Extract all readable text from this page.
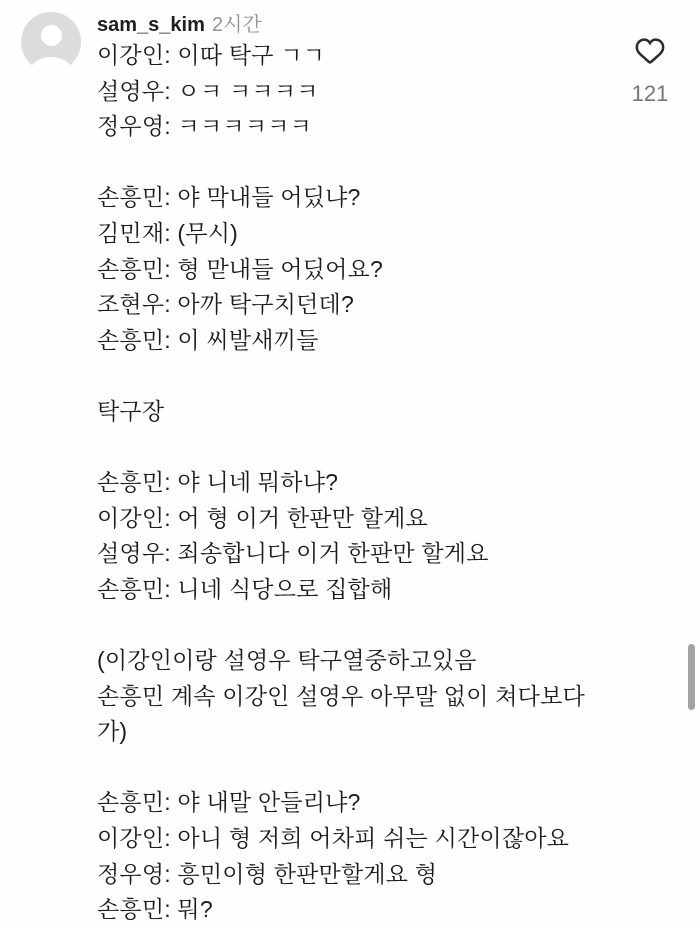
sam_s_kim 2시간
이강인: 이따 탁구 ㄱㄱ
설영우: ㅇㅋ ㅋㅋㅋㅋ
정우영: ㅋㅋㅋㅋㅋㅋ

손흥민: 야 막내들 어딨냐?
김민재: (무시)
손흥민: 형 맏내들 어딨어요?
조현우: 아까 탁구치던데?
손흥민: 이 씨발새끼들

탁구장

손흥민: 야 니네 뭐하냐?
이강인: 어 형 이거 한판만 할게요
설영우: 죄송합니다 이거 한판만 할게요
손흥민: 니네 식당으로 집합해

(이강인이랑 설영우 탁구열중하고있음
손흥민 계속 이강인 설영우 아무말 없이 쳐다보다
가)

손흥민: 야 내말 안들리냐?
이강인: 아니 형 저희 어차피 쉬는 시간이잖아요
정우영: 흥민이형 한판만할게요 형
손흥민: 뭐?
121
